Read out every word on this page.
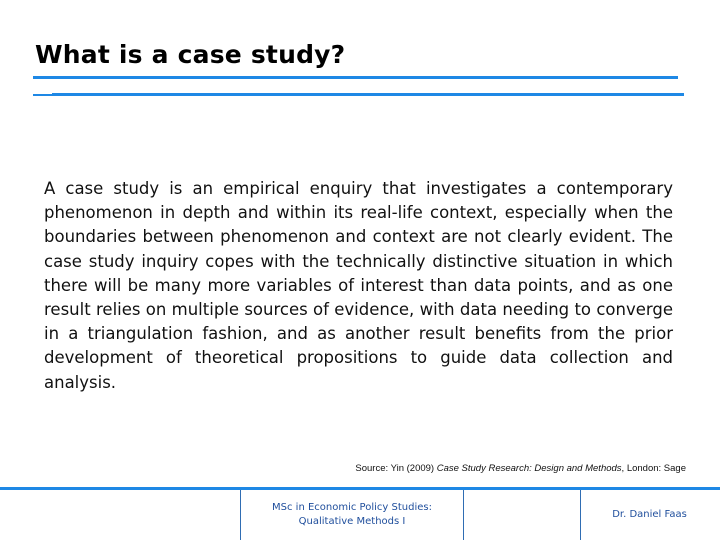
What is a case study?
A case study is an empirical enquiry that investigates a contemporary phenomenon in depth and within its real-life context, especially when the boundaries between phenomenon and context are not clearly evident. The case study inquiry copes with the technically distinctive situation in which there will be many more variables of interest than data points, and as one result relies on multiple sources of evidence, with data needing to converge in a triangulation fashion, and as another result benefits from the prior development of theoretical propositions to guide data collection and analysis.
Source: Yin (2009) Case Study Research: Design and Methods, London: Sage
MSc in Economic Policy Studies:
Qualitative Methods I
Dr. Daniel Faas
